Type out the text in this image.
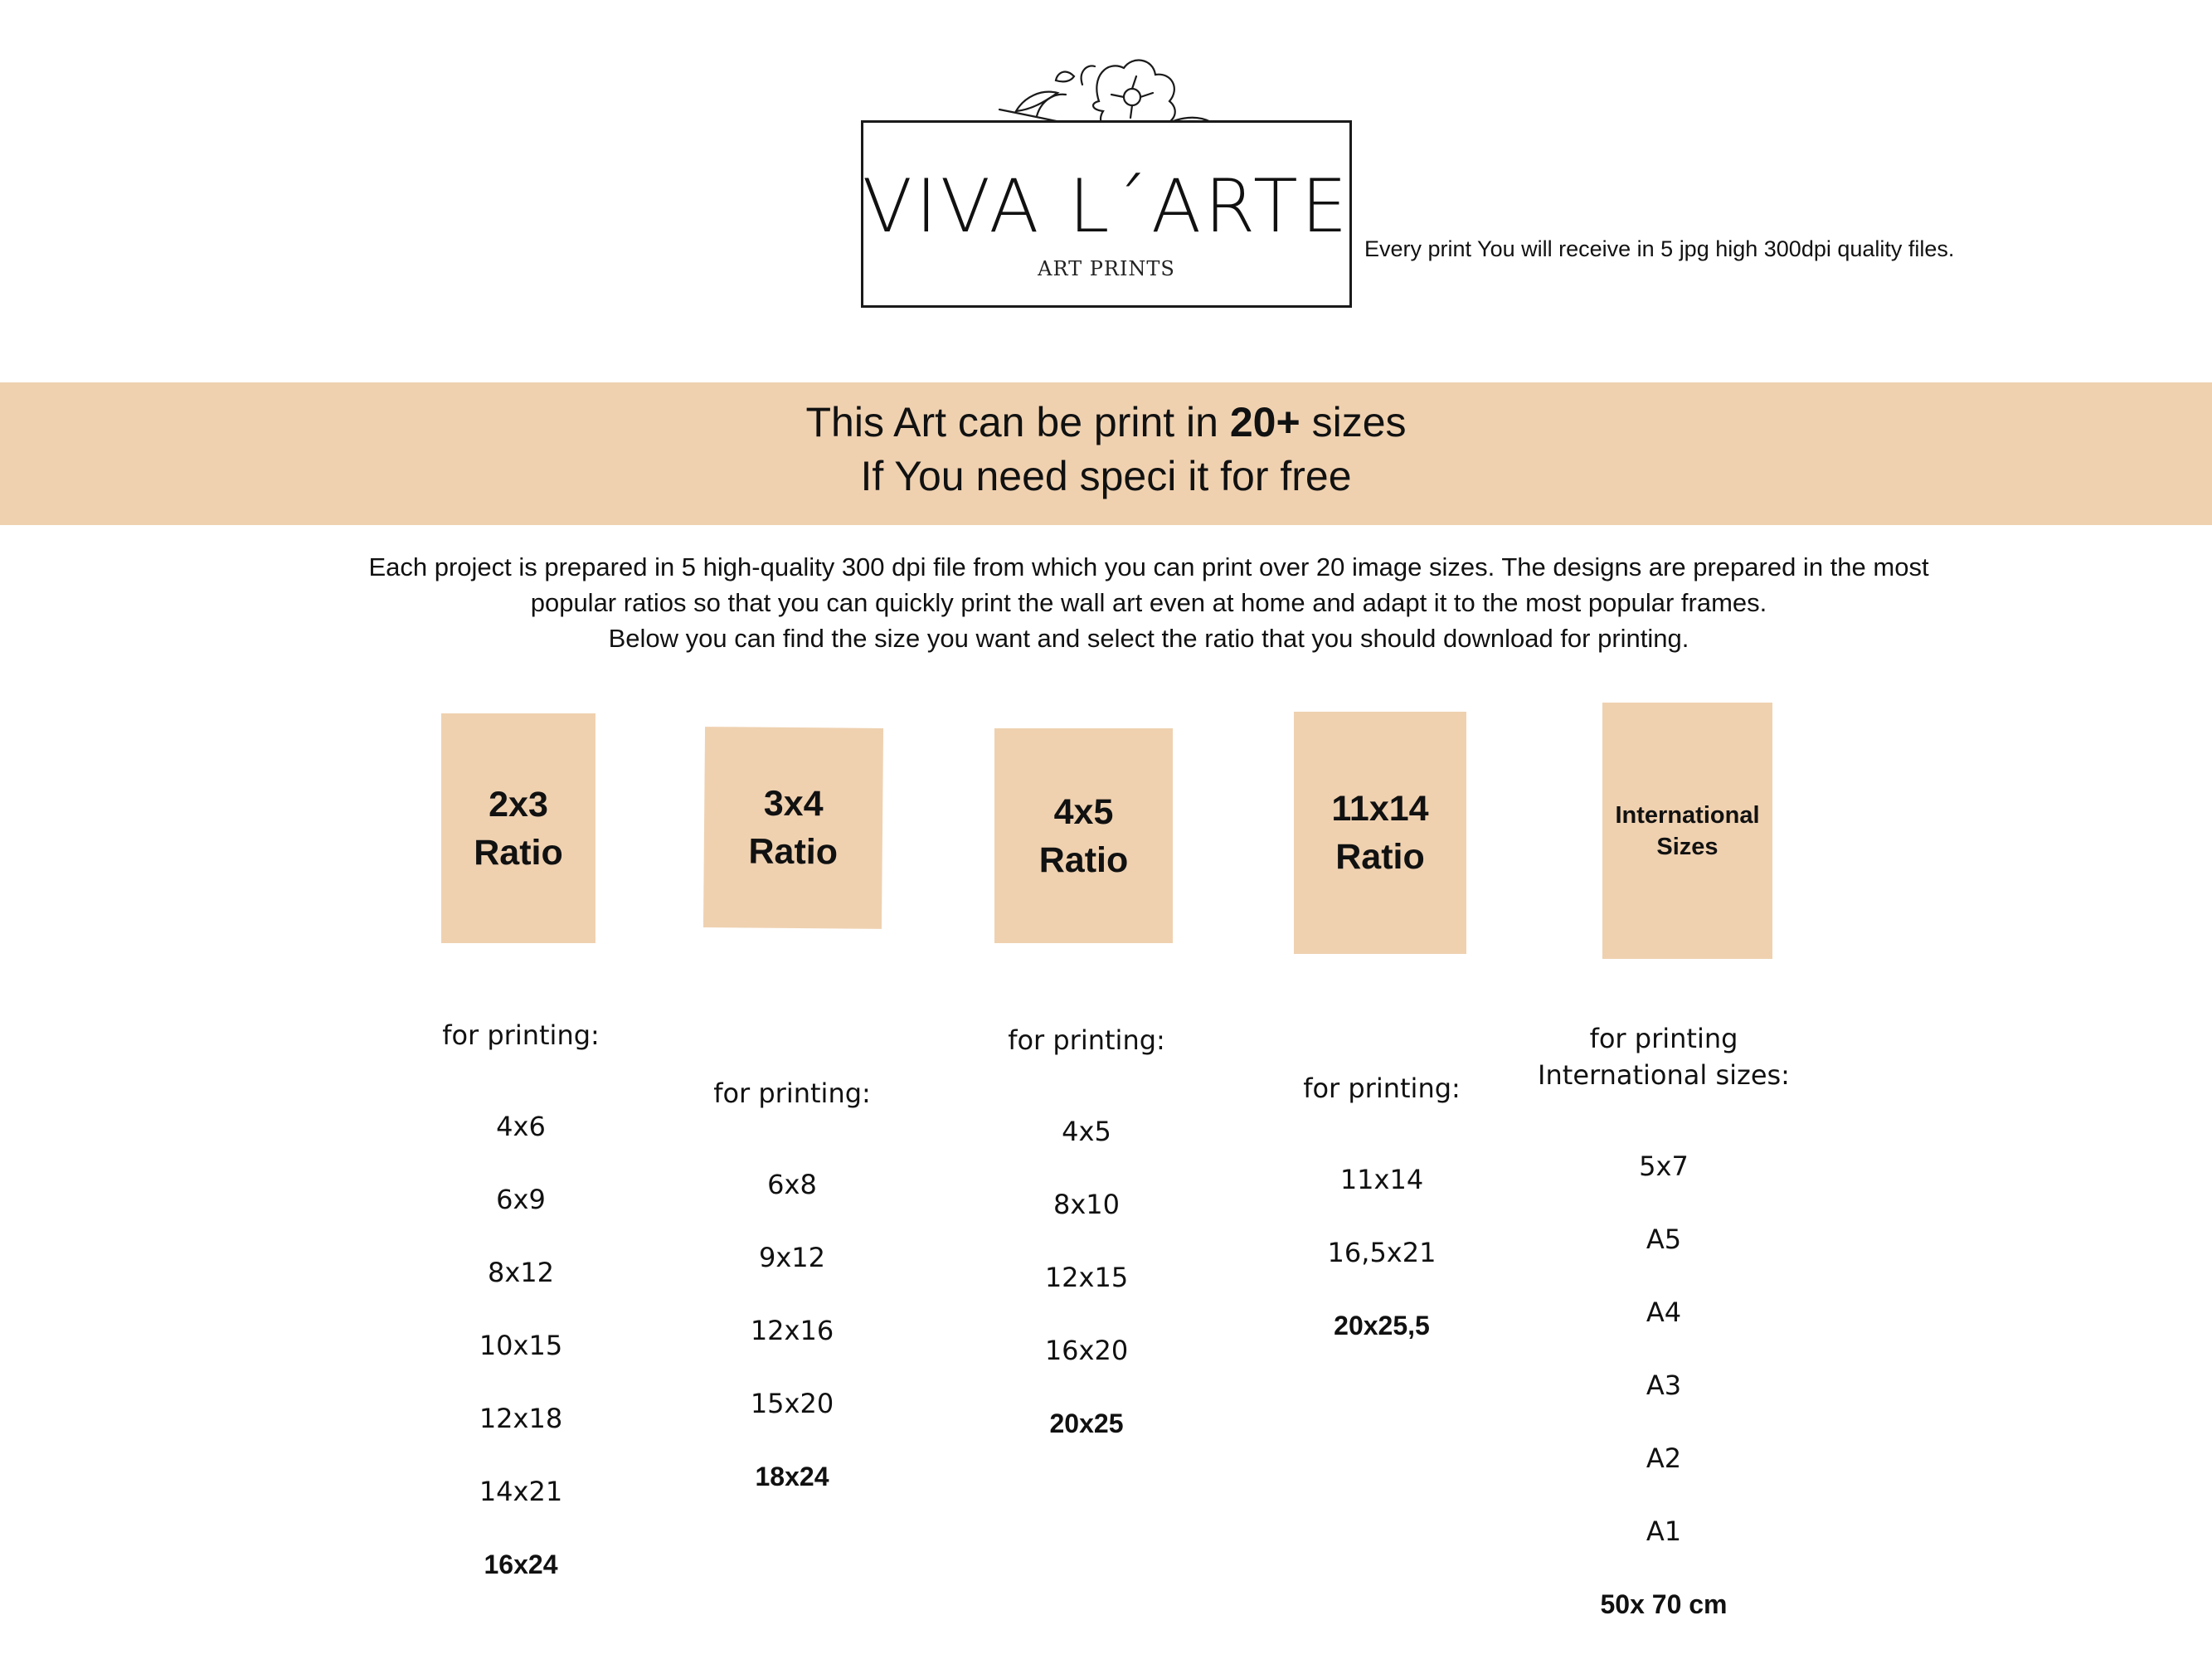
VIVA L´ARTE
ART PRINTS
Every print You will receive in 5 jpg high 300dpi quality files.
This Art can be print in 20+ sizes
If You need speci it for free
Each project is prepared in 5 high-quality 300 dpi file from which you can print over 20 image sizes. The designs are prepared in the most
popular ratios so that you can quickly print the wall art even at home and adapt it to the most popular frames.
Below you can find the size you want and select the ratio that you should download for printing.
2x3
Ratio
3x4
Ratio
4x5
Ratio
11x14
Ratio
International
Sizes
for printing:
4x6
6x9
8x12
10x15
12x18
14x21
16x24
for printing:
6x8
9x12
12x16
15x20
18x24
for printing:
4x5
8x10
12x15
16x20
20x25
for printing:
11x14
16,5x21
20x25,5
for printing
International sizes:
5x7
A5
A4
A3
A2
A1
50x 70 cm
